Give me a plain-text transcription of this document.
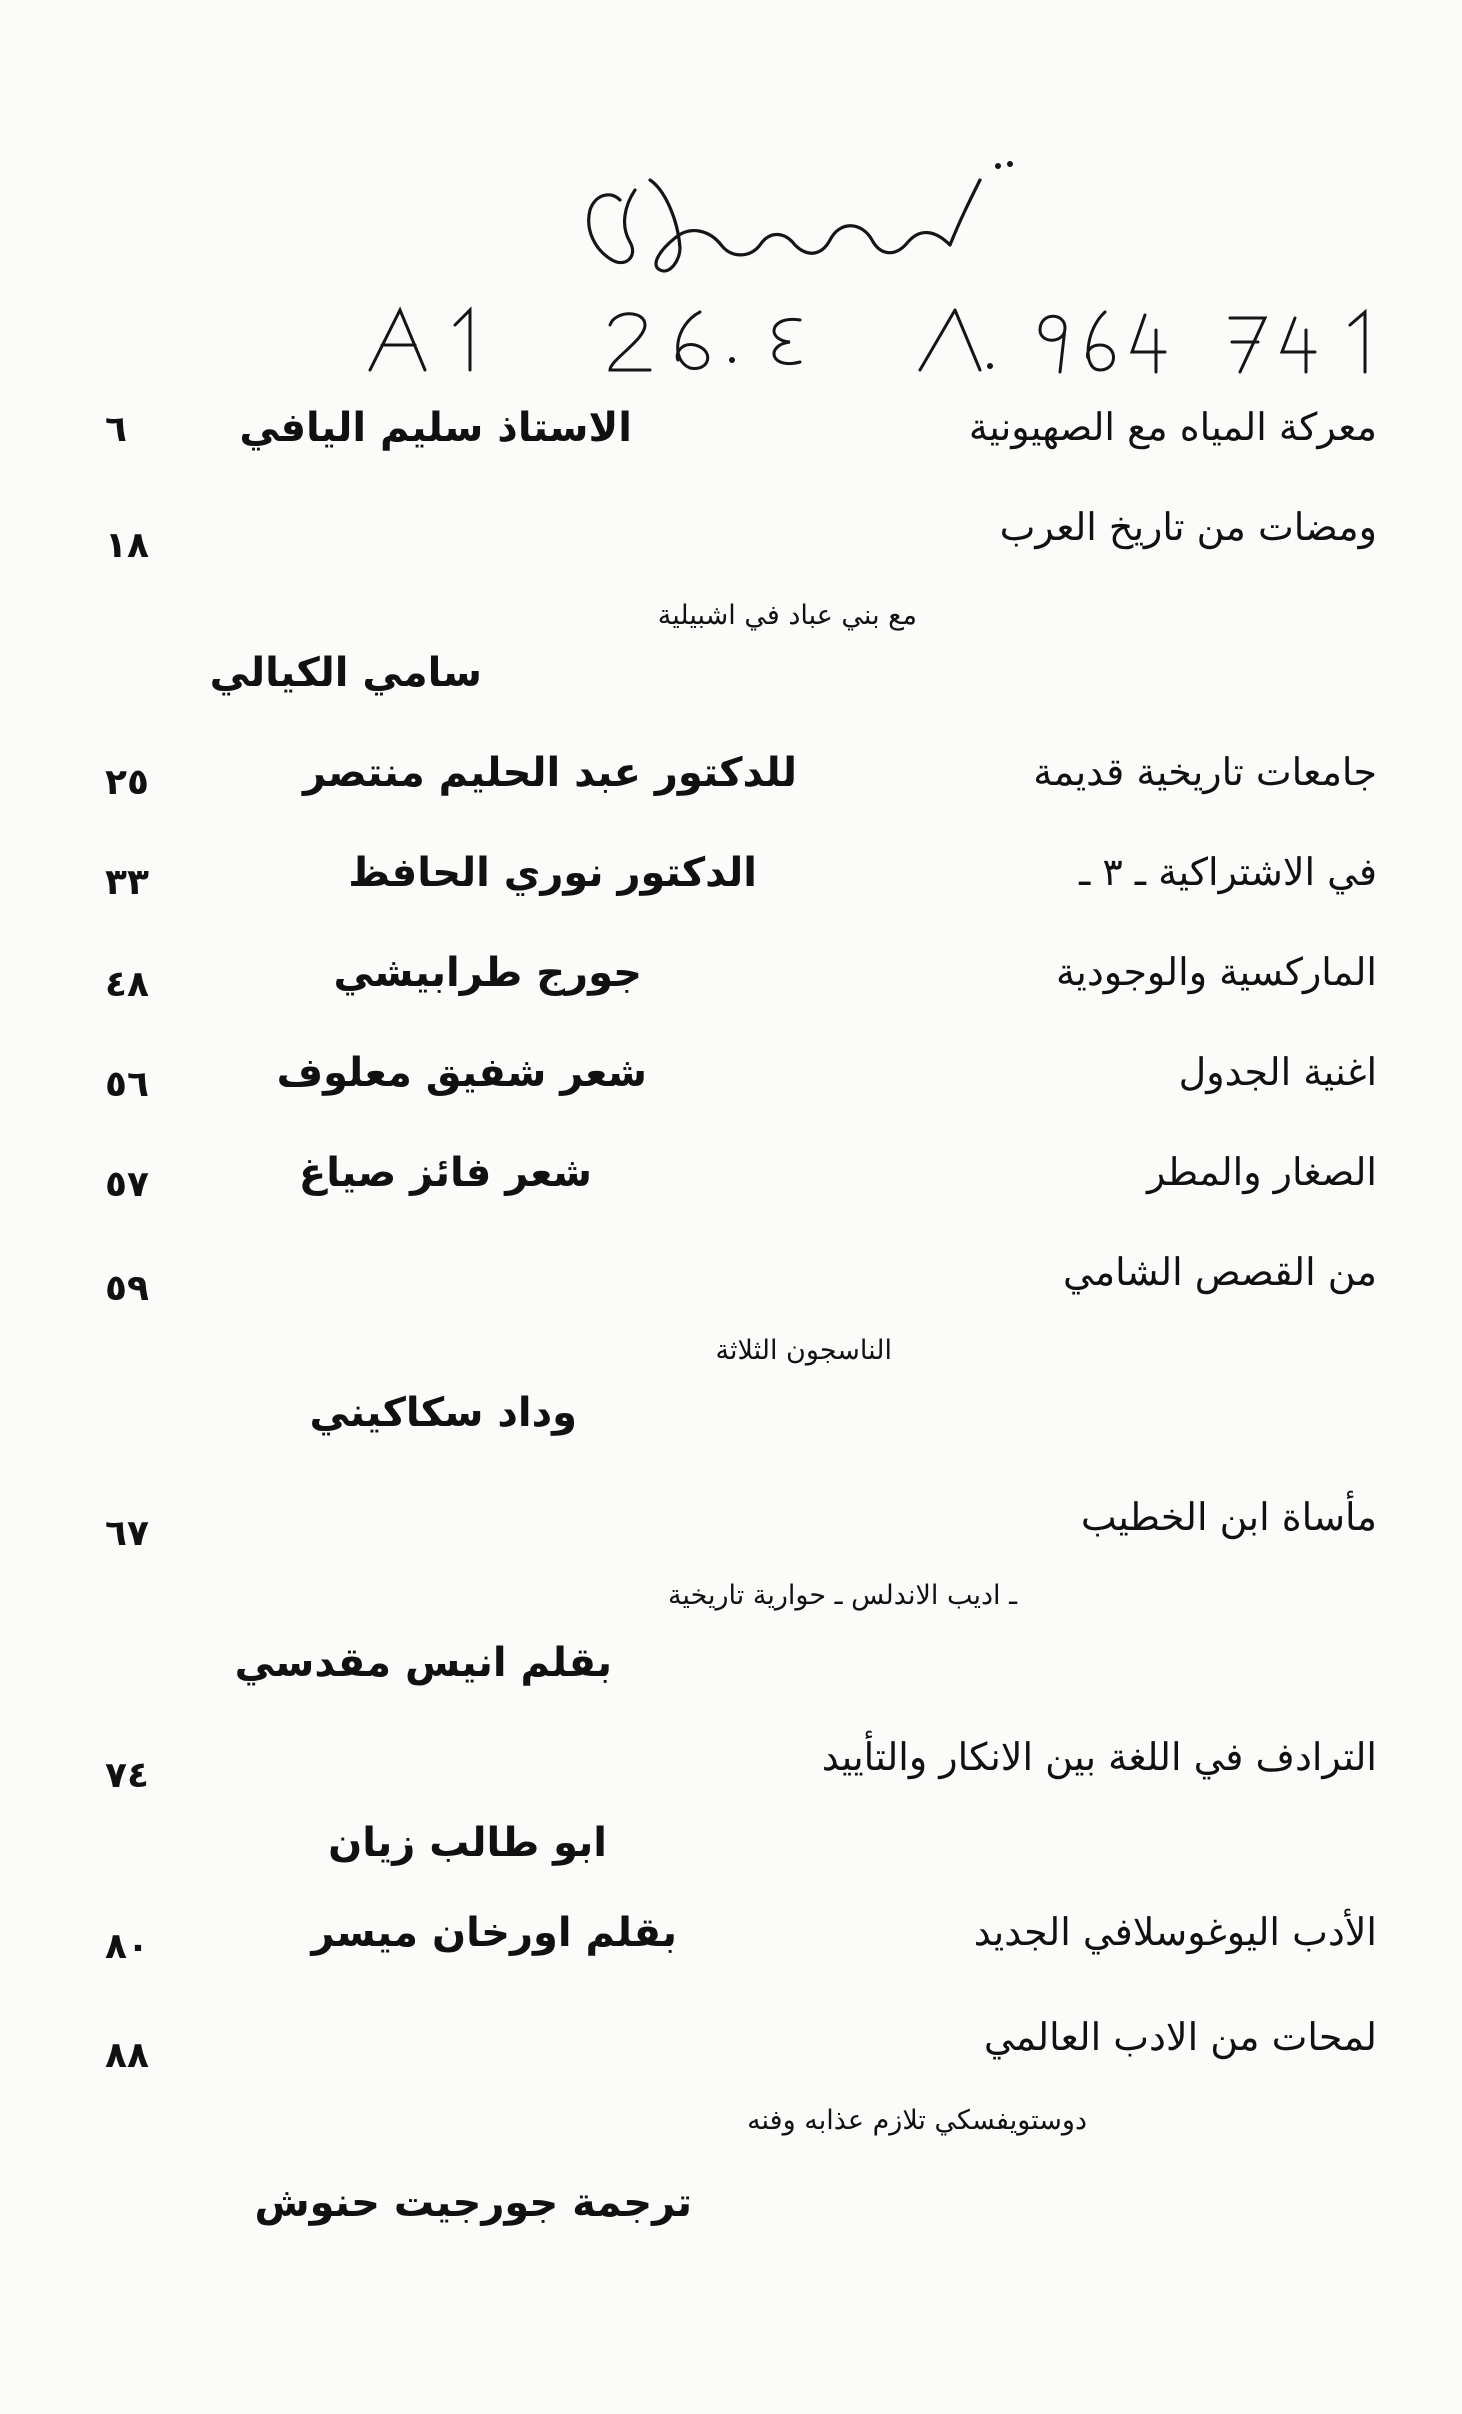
معركة المياه مع الصهيونية
الاستاذ سليم اليافي
٦
ومضات من تاريخ العرب
١٨
مع بني عباد في اشبيلية
سامي الكيالي
جامعات تاريخية قديمة
للدكتور عبد الحليم منتصر
٢٥
في الاشتراكية ـ ٣ ـ
الدكتور نوري الحافظ
٣٣
الماركسية والوجودية
جورج طرابيشي
٤٨
اغنية الجدول
شعر شفيق معلوف
٥٦
الصغار والمطر
شعر فائز صياغ
٥٧
من القصص الشامي
٥٩
الناسجون الثلاثة
وداد سكاكيني
مأساة ابن الخطيب
٦٧
ـ اديب الاندلس ـ حوارية تاريخية
بقلم انيس مقدسي
الترادف في اللغة بين الانكار والتأييد
٧٤
ابو طالب زيان
الأدب اليوغوسلافي الجديد
بقلم اورخان ميسر
٨٠
لمحات من الادب العالمي
٨٨
دوستويفسكي تلازم عذابه وفنه
ترجمة جورجيت حنوش
